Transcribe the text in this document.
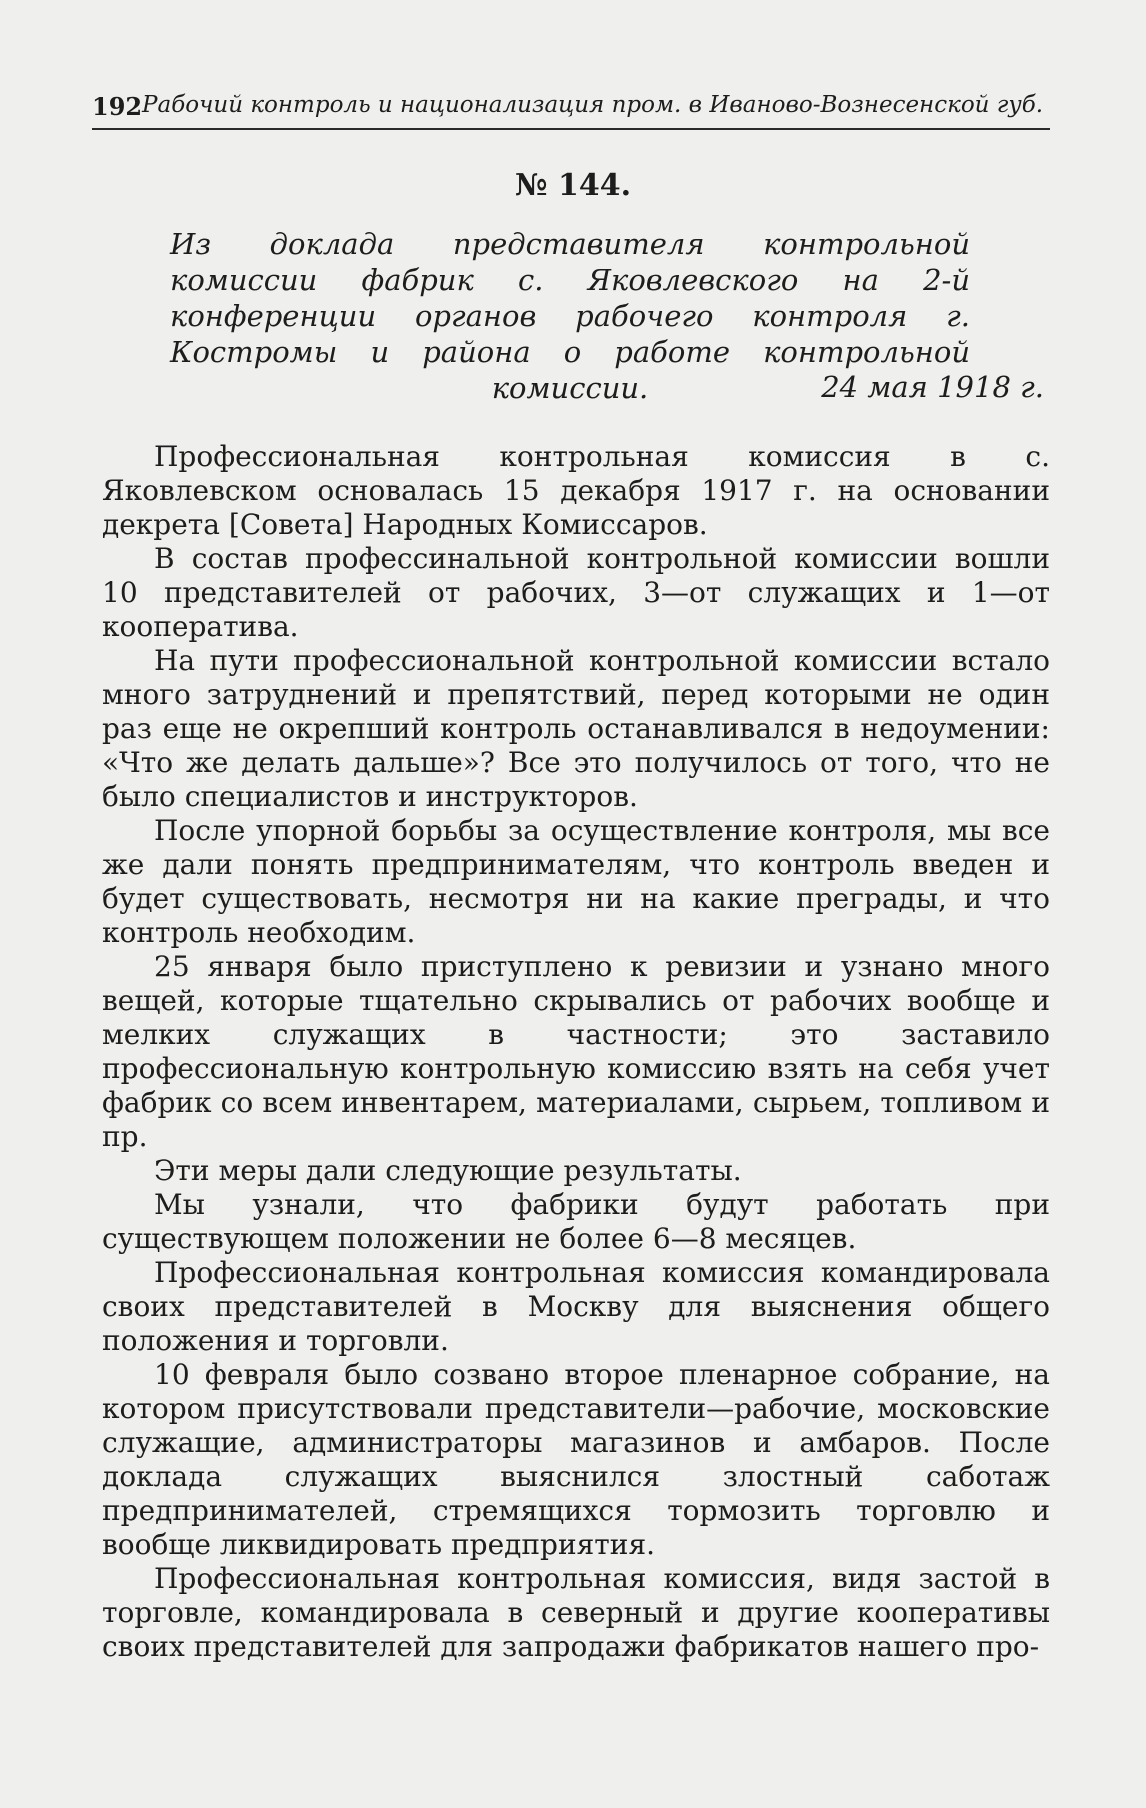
192 Рабочий контроль и национализация пром. в Иваново-Вознесенской губ.
№ 144.
Из доклада представителя контрольной комиссии фабрик с. Яковлевского на 2-й конференции органов рабочего контроля г. Костромы и района о работе контрольной комиссии.	24 мая 1918 г.

Профессиональная контрольная комиссия в с. Яковлевском основалась 15 декабря 1917 г. на основании декрета [Совета] Народных Комиссаров.

В состав профессинальной контрольной комиссии вошли 10 представителей от рабочих, 3—от служащих и 1—от кооператива.

На пути профессиональной контрольной комиссии встало много затруднений и препятствий, перед которыми не один раз еще не окрепший контроль останавливался в недоумении: «Что же делать дальше»? Все это получилось от того, что не было специалистов и инструкторов.

После упорной борьбы за осуществление контроля, мы все же дали понять предпринимателям, что контроль введен и будет существовать, несмотря ни на какие преграды, и что контроль необходим.

25 января было приступлено к ревизии и узнано много вещей, которые тщательно скрывались от рабочих вообще и мелких служащих в частности; это заставило профессиональную контрольную комиссию взять на себя учет фабрик со всем инвентарем, материалами, сырьем, топливом и пр.

Эти меры дали следующие результаты.

Мы узнали, что фабрики будут работать при существующем положении не более 6—8 месяцев.

Профессиональная контрольная комиссия командировала своих представителей в Москву для выяснения общего положения и торговли.

10 февраля было созвано второе пленарное собрание, на котором присутствовали представители—рабочие, московские служащие, администраторы магазинов и амбаров. После доклада служащих выяснился злостный саботаж предпринимателей, стремящихся тормозить торговлю и вообще ликвидировать предприятия.

Профессиональная контрольная комиссия, видя застой в торговле, командировала в северный и другие кооперативы своих представителей для запродажи фабрикатов нашего про-
